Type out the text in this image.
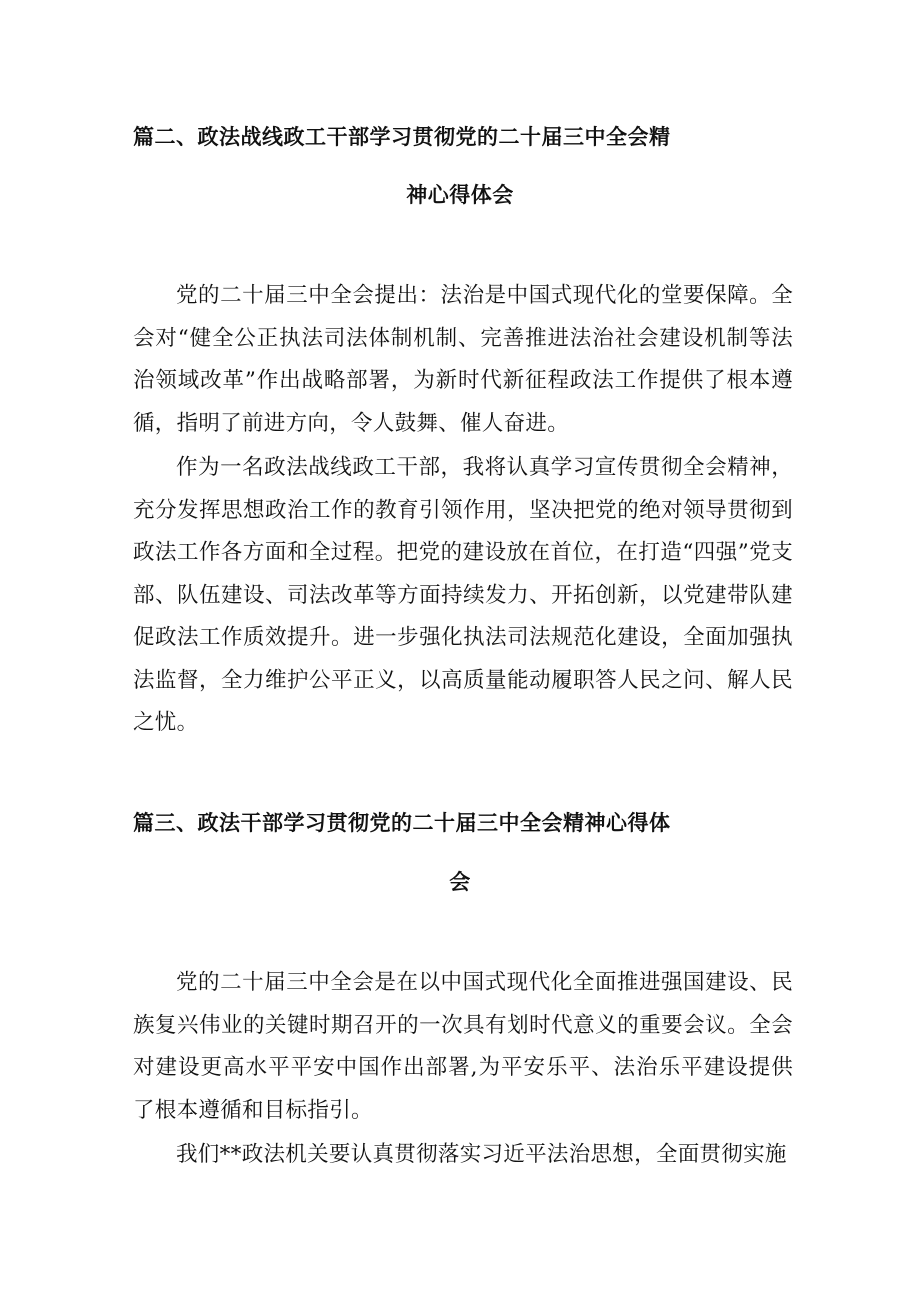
篇二、政法战线政工干部学习贯彻党的二十届三中全会精
神心得体会
党的二十届三中全会提出：法治是中国式现代化的堂要保障。全会对“健全公正执法司法体制机制、完善推进法治社会建设机制等法治领域改革”作出战略部署，为新时代新征程政法工作提供了根本遵循，指明了前进方向，令人鼓舞、催人奋进。
作为一名政法战线政工干部，我将认真学习宣传贯彻全会精神，充分发挥思想政治工作的教育引领作用，坚决把党的绝对领导贯彻到政法工作各方面和全过程。把党的建设放在首位，在打造“四强”党支部、队伍建设、司法改革等方面持续发力、开拓创新，以党建带队建促政法工作质效提升。进一步强化执法司法规范化建设，全面加强执法监督，全力维护公平正义，以高质量能动履职答人民之问、解人民之忧。
篇三、政法干部学习贯彻党的二十届三中全会精神心得体
会
党的二十届三中全会是在以中国式现代化全面推进强国建设、民族复兴伟业的关键时期召开的一次具有划时代意义的重要会议。全会对建设更高水平平安中国作出部署,为平安乐平、法治乐平建设提供了根本遵循和目标指引。
我们**政法机关要认真贯彻落实习近平法治思想，全面贯彻实施
